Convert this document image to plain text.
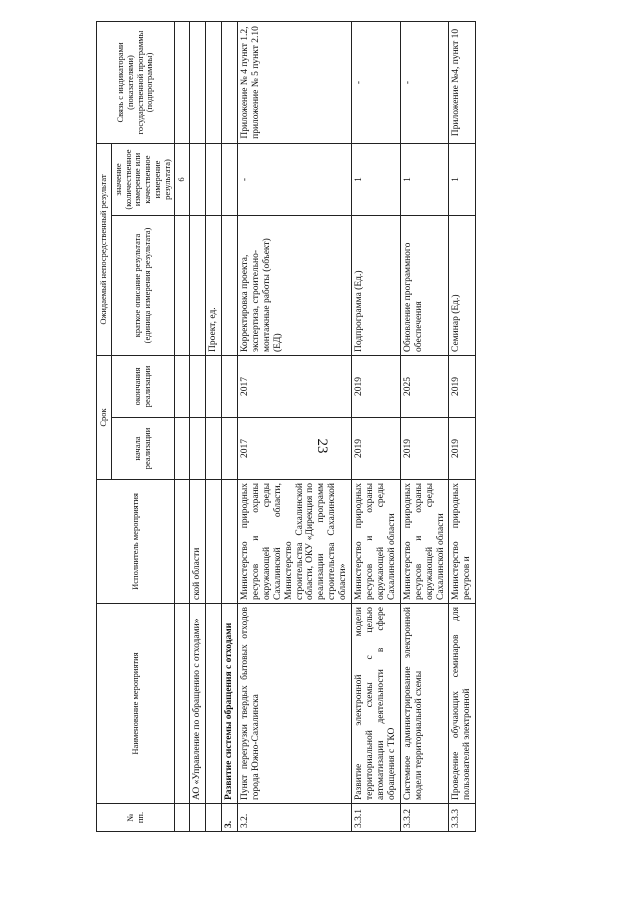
23
№ пп.	Наименование мероприятия	Исполнитель мероприятия	Срок		Ожидаемый непосредственный результат		Связь с индикаторами (показателями) государственной программы (подпрограммы)
			начала реализации	окончания реализации	краткое описание результата (единица измерения результата)	значение (количественное измерение или качественное измерение результата)	
						6	
	АО «Управление по обращению с отходами»	ской области					
					Проект, ед.		
3.	Развитие системы обращения с отходами						
3.2.	Пункт перегрузки твердых бытовых отходов города Южно-Сахалинска	Министерство природных ресурсов и охраны окружающей среды Сахалинской области, Министерство строительства Сахалинской области, ОКУ «Дирекция по реализации программ строительства Сахалинской области»	2017	2017	Корректировка проекта, экспертиза, строительно-монтажные работы (объект) (ЕД)	-	Приложение № 4 пункт 1.2, приложение № 5 пункт 2.10
3.3.1	Развитие электронной модели территориальной схемы с целью автоматизации деятельности в сфере обращения с ТКО	Министерство природных ресурсов и охраны окружающей среды Сахалинской области	2019	2019	Подпрограмма (Ед.)	1	-
3.3.2	Системное администрирование электронной модели территориальной схемы	Министерство природных ресурсов и охраны окружающей среды Сахалинской области	2019	2025	Обновление программного обеспечения	1	-
3.3.3	Проведение обучающих семинаров для пользователей электронной	Министерство природных ресурсов и	2019	2019	Семинар (Ед.)	1	Приложение №4, пункт 10
